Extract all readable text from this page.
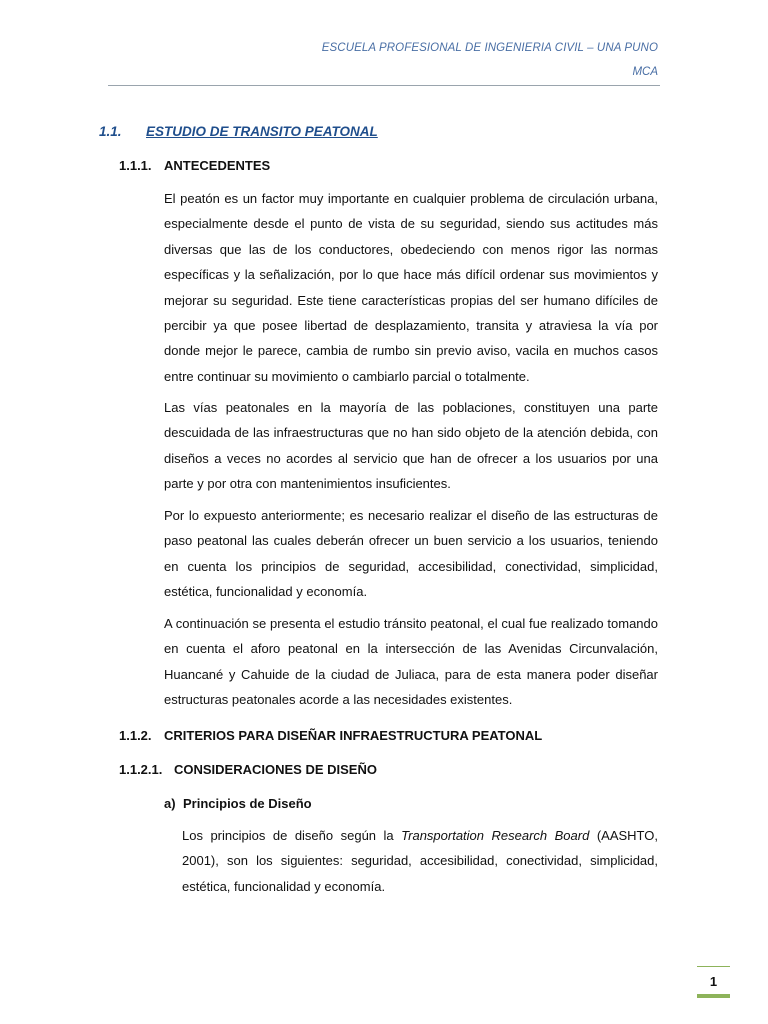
ESCUELA PROFESIONAL DE INGENIERIA CIVIL – UNA PUNO
MCA
1.1. ESTUDIO DE TRANSITO PEATONAL
1.1.1. ANTECEDENTES
El peatón es un factor muy importante en cualquier problema de circulación urbana, especialmente desde el punto de vista de su seguridad, siendo sus actitudes más diversas que las de los conductores, obedeciendo con menos rigor las normas específicas y la señalización, por lo que hace más difícil ordenar sus movimientos y mejorar su seguridad. Este tiene características propias del ser humano difíciles de percibir ya que posee libertad de desplazamiento, transita y atraviesa la vía por donde mejor le parece, cambia de rumbo sin previo aviso, vacila en muchos casos entre continuar su movimiento o cambiarlo parcial o totalmente.
Las vías peatonales en la mayoría de las poblaciones, constituyen una parte descuidada de las infraestructuras que no han sido objeto de la atención debida, con diseños a veces no acordes al servicio que han de ofrecer a los usuarios por una parte y por otra con mantenimientos insuficientes.
Por lo expuesto anteriormente; es necesario realizar el diseño de las estructuras de paso peatonal las cuales deberán ofrecer un buen servicio a los usuarios, teniendo en cuenta los principios de seguridad, accesibilidad, conectividad, simplicidad, estética, funcionalidad y economía.
A continuación se presenta el estudio tránsito peatonal, el cual fue realizado tomando en cuenta el aforo peatonal en la intersección de las Avenidas Circunvalación, Huancané y Cahuide de la ciudad de Juliaca, para de esta manera poder diseñar estructuras peatonales acorde a las necesidades existentes.
1.1.2. CRITERIOS PARA DISEÑAR INFRAESTRUCTURA PEATONAL
1.1.2.1. CONSIDERACIONES DE DISEÑO
a) Principios de Diseño
Los principios de diseño según la Transportation Research Board (AASHTO, 2001), son los siguientes: seguridad, accesibilidad, conectividad, simplicidad, estética, funcionalidad y economía.
1
